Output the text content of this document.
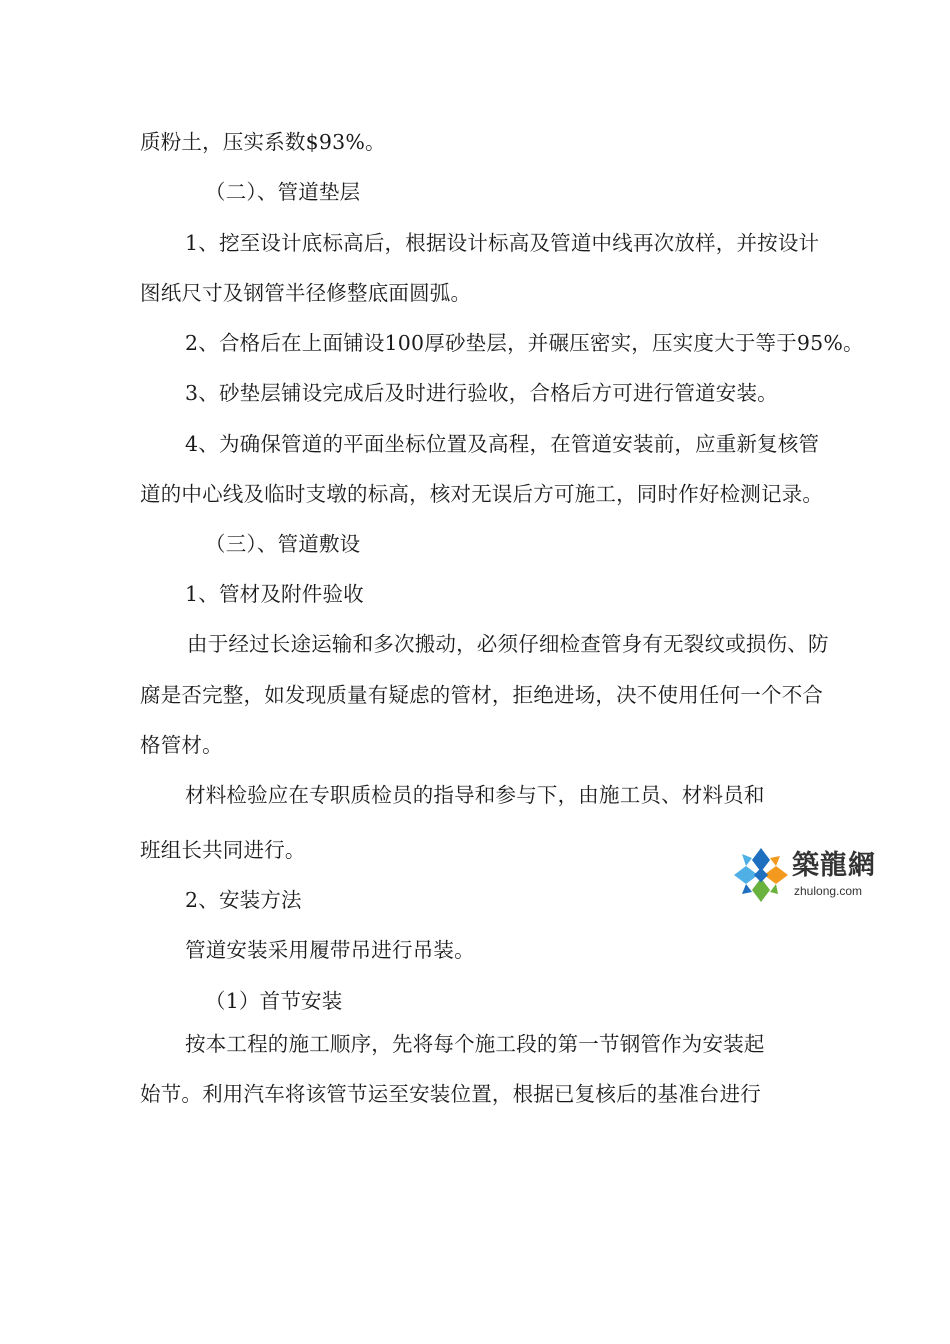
质粉土，压实系数$93%。
（二）、管道垫层
1、挖至设计底标高后，根据设计标高及管道中线再次放样，并按设计
图纸尺寸及钢管半径修整底面圆弧。
2、合格后在上面铺设100厚砂垫层，并碾压密实，压实度大于等于95%。
3、砂垫层铺设完成后及时进行验收，合格后方可进行管道安装。
4、为确保管道的平面坐标位置及高程，在管道安装前，应重新复核管
道的中心线及临时支墩的标高，核对无误后方可施工，同时作好检测记录。
（三）、管道敷设
1、管材及附件验收
由于经过长途运输和多次搬动，必须仔细检查管身有无裂纹或损伤、防
腐是否完整，如发现质量有疑虑的管材，拒绝进场，决不使用任何一个不合
格管材。
材料检验应在专职质检员的指导和参与下，由施工员、材料员和
班组长共同进行。
2、安装方法
管道安装采用履带吊进行吊装。
（1）首节安装
按本工程的施工顺序，先将每个施工段的第一节钢管作为安装起
始节。利用汽车将该管节运至安装位置，根据已复核后的基准台进行
築龍網
zhulong.com
